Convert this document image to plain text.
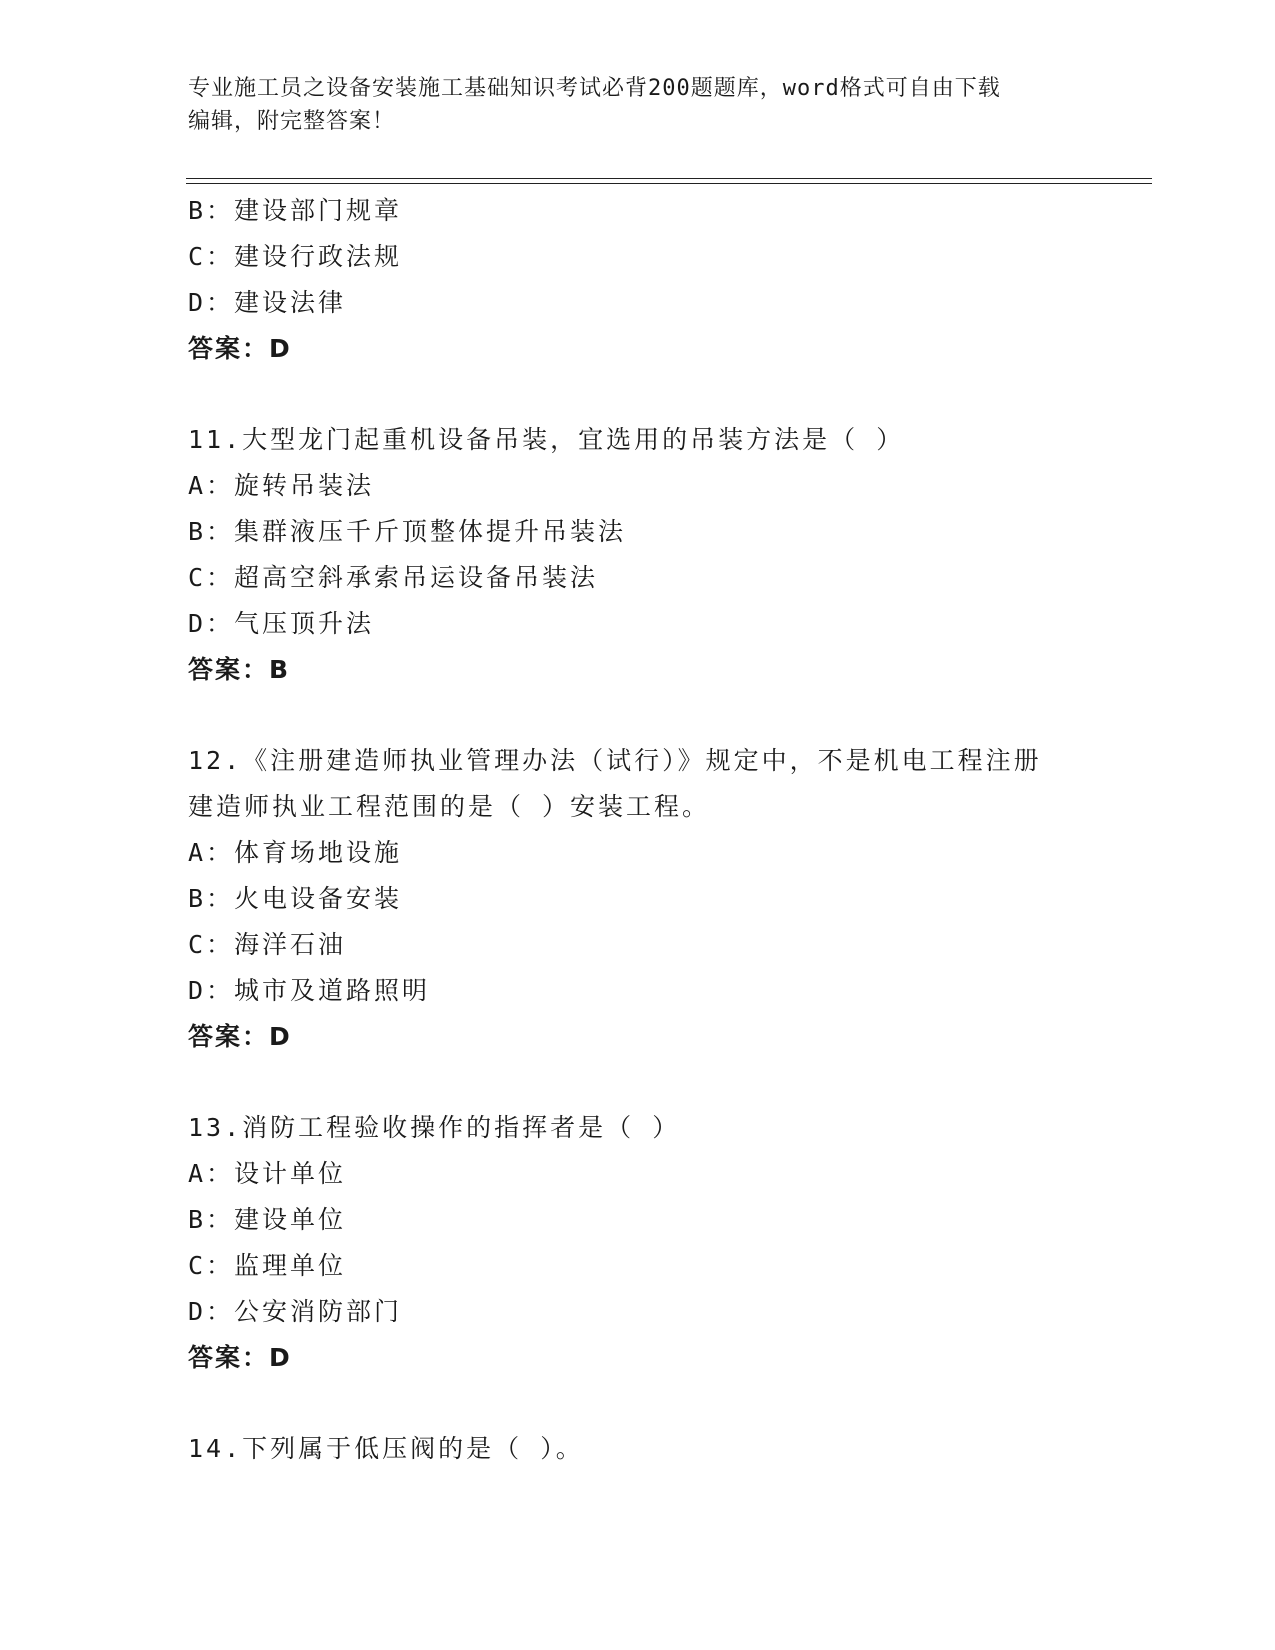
专业施工员之设备安装施工基础知识考试必背200题题库，word格式可自由下载
编辑，附完整答案！
B：建设部门规章
C：建设行政法规
D：建设法律
答案：D
11.大型龙门起重机设备吊装，宜选用的吊装方法是（ ）
A：旋转吊装法
B：集群液压千斤顶整体提升吊装法
C：超高空斜承索吊运设备吊装法
D：气压顶升法
答案：B
12.《注册建造师执业管理办法（试行）》规定中，不是机电工程注册
建造师执业工程范围的是（ ）安装工程。
A：体育场地设施
B：火电设备安装
C：海洋石油
D：城市及道路照明
答案：D
13.消防工程验收操作的指挥者是（ ）
A：设计单位
B：建设单位
C：监理单位
D：公安消防部门
答案：D
14.下列属于低压阀的是（ ）。
